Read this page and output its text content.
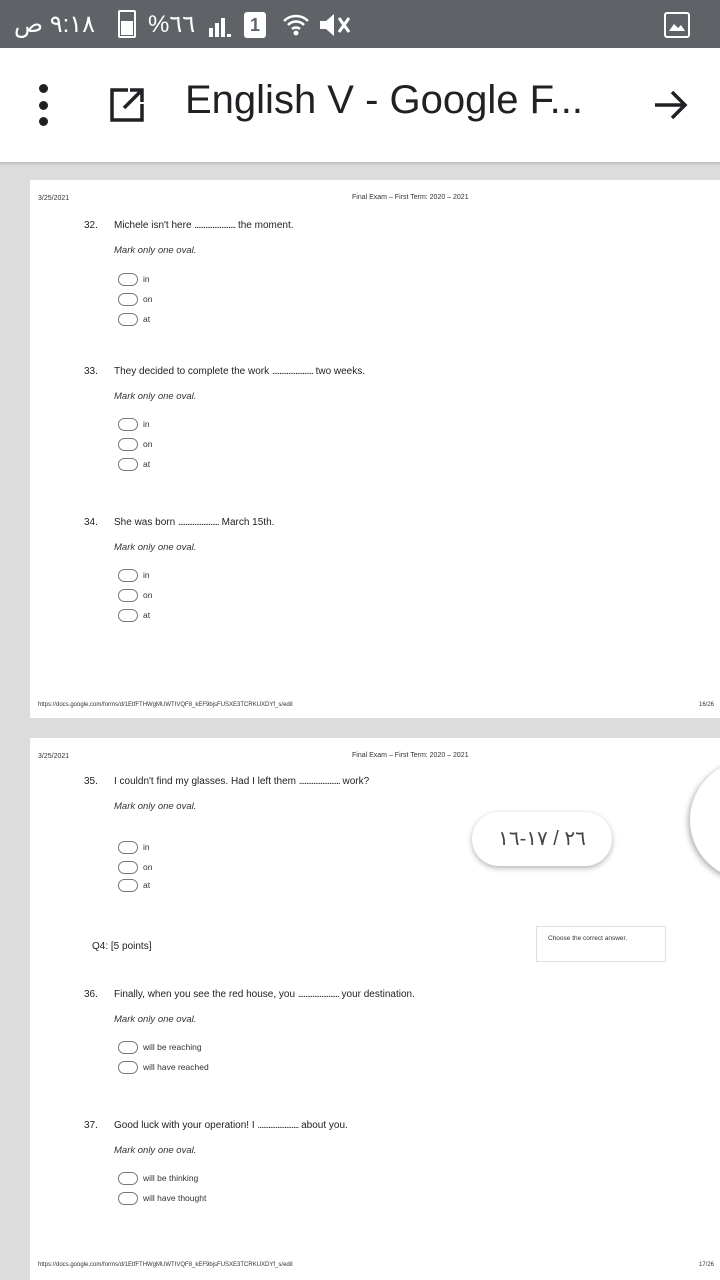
٩:١٨ ص %٦٦	1
English V - Google F...
3/25/2021	Final Exam – First Term: 2020 – 2021
32. Michele isn't here ....................... the moment.
Mark only one oval.
in
on
at
33. They decided to complete the work ....................... two weeks.
Mark only one oval.
in
on
at
34. She was born ....................... March 15th.
Mark only one oval.
in
on
at
https://docs.google.com/forms/d/1EtfFTHWgMUWTIVQF8_kEF9bjsFUSXE3TCRKUXDYf_s/edit	16/26
3/25/2021	Final Exam – First Term: 2020 – 2021
35. I couldn't find my glasses. Had I left them ....................... work?
Mark only one oval.
in
on
at
Q4: [5 points]
Choose the correct answer.
36. Finally, when you see the red house, you ....................... your destination.
Mark only one oval.
will be reaching
will have reached
37. Good luck with your operation! I ....................... about you.
Mark only one oval.
will be thinking
will have thought
https://docs.google.com/forms/d/1EtfFTHWgMUWTIVQF8_kEF9bjsFUSXE3TCRKUXDYf_s/edit	17/26
٢٦ / ١٧-١٦
